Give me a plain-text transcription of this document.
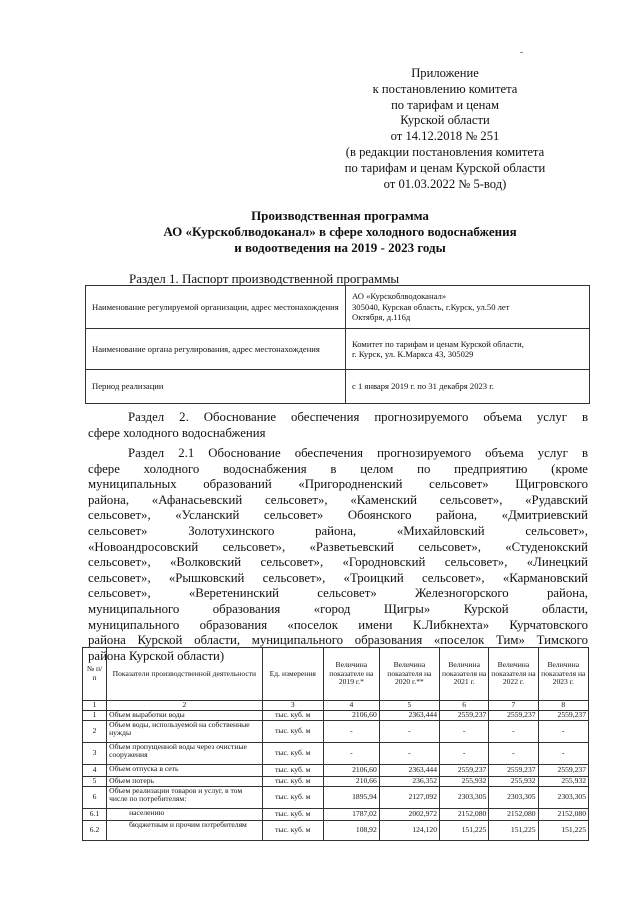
Приложение
к постановлению комитета
по тарифам и ценам
Курской области
от 14.12.2018 № 251
(в редакции постановления комитета
по тарифам и ценам Курской области
от 01.03.2022 № 5-вод)
Производственная программа
АО «Курскоблводоканал» в сфере холодного водоснабжения
и водоотведения на 2019 - 2023 годы
Раздел 1. Паспорт производственной программы
Наименование регулируемой организации, адрес местонахождения	АО «Курскоблводоканал»
305040, Курская область, г.Курск, ул.50 лет
Октября, д.116д

Наименование органа регулирования, адрес местонахождения	Комитет по тарифам и ценам Курской области,
г. Курск, ул. К.Маркса 43, 305029

Период реализации	с 1 января 2019 г. по 31 декабря 2023 г.
Раздел 2. Обоснование обеспечения прогнозируемого объема услуг в
сфере холодного водоснабжения
Раздел 2.1 Обоснование обеспечения прогнозируемого объема услуг в
сфере холодного водоснабжения в целом по предприятию (кроме
муниципальных образований «Пригородненский сельсовет» Щигровского
района, «Афанасьевский сельсовет», «Каменский сельсовет», «Рудавский
сельсовет», «Усланский сельсовет» Обоянского района, «Дмитриевский
сельсовет» Золотухинского района, «Михайловский сельсовет»,
«Новоандросовский сельсовет», «Разветьевский сельсовет», «Студенокский
сельсовет», «Волковский сельсовет», «Городновский сельсовет», «Линецкий
сельсовет», «Рышковский сельсовет», «Троицкий сельсовет», «Кармановский
сельсовет», «Веретенинский сельсовет» Железногорского района,
муниципального образования «город Щигры» Курской области,
муниципального образования «поселок имени К.Либкнехта» Курчатовского
района Курской области, муниципального образования «поселок Тим» Тимского
района Курской области)
№ п/п	Показатели производственной деятельности	Ед. измерения	Величина показателе на 2019 г.*	Величина показателя на 2020 г.**	Величина показателя на 2021 г.	Величина показателя на 2022 г.	Величина показателя на 2023 г.
1	2	3	4	5	6	7	8
1	Объем выработки воды	тыс. куб. м	2106,60	2363,444	2559,237	2559,237	2559,237
2	Объем воды, используемой на собственные нужды	тыс. куб. м	-	-	-	-	-
3	Объем пропущенной воды через очистные сооружения	тыс. куб. м	-	-	-	-	-
4	Объем отпуска в сеть	тыс. куб. м	2106,60	2363,444	2559,237	2559,237	2559,237
5	Объем потерь	тыс. куб. м	210,66	236,352	255,932	255,932	255,932
6	Объем реализации товаров и услуг, в том числе по потребителям:	тыс. куб. м	1895,94	2127,092	2303,305	2303,305	2303,305
6.1	населению	тыс. куб. м	1787,02	2002,972	2152,080	2152,080	2152,080
6.2	бюджетным и прочим потребителям	тыс. куб. м	108,92	124,120	151,225	151,225	151,225
